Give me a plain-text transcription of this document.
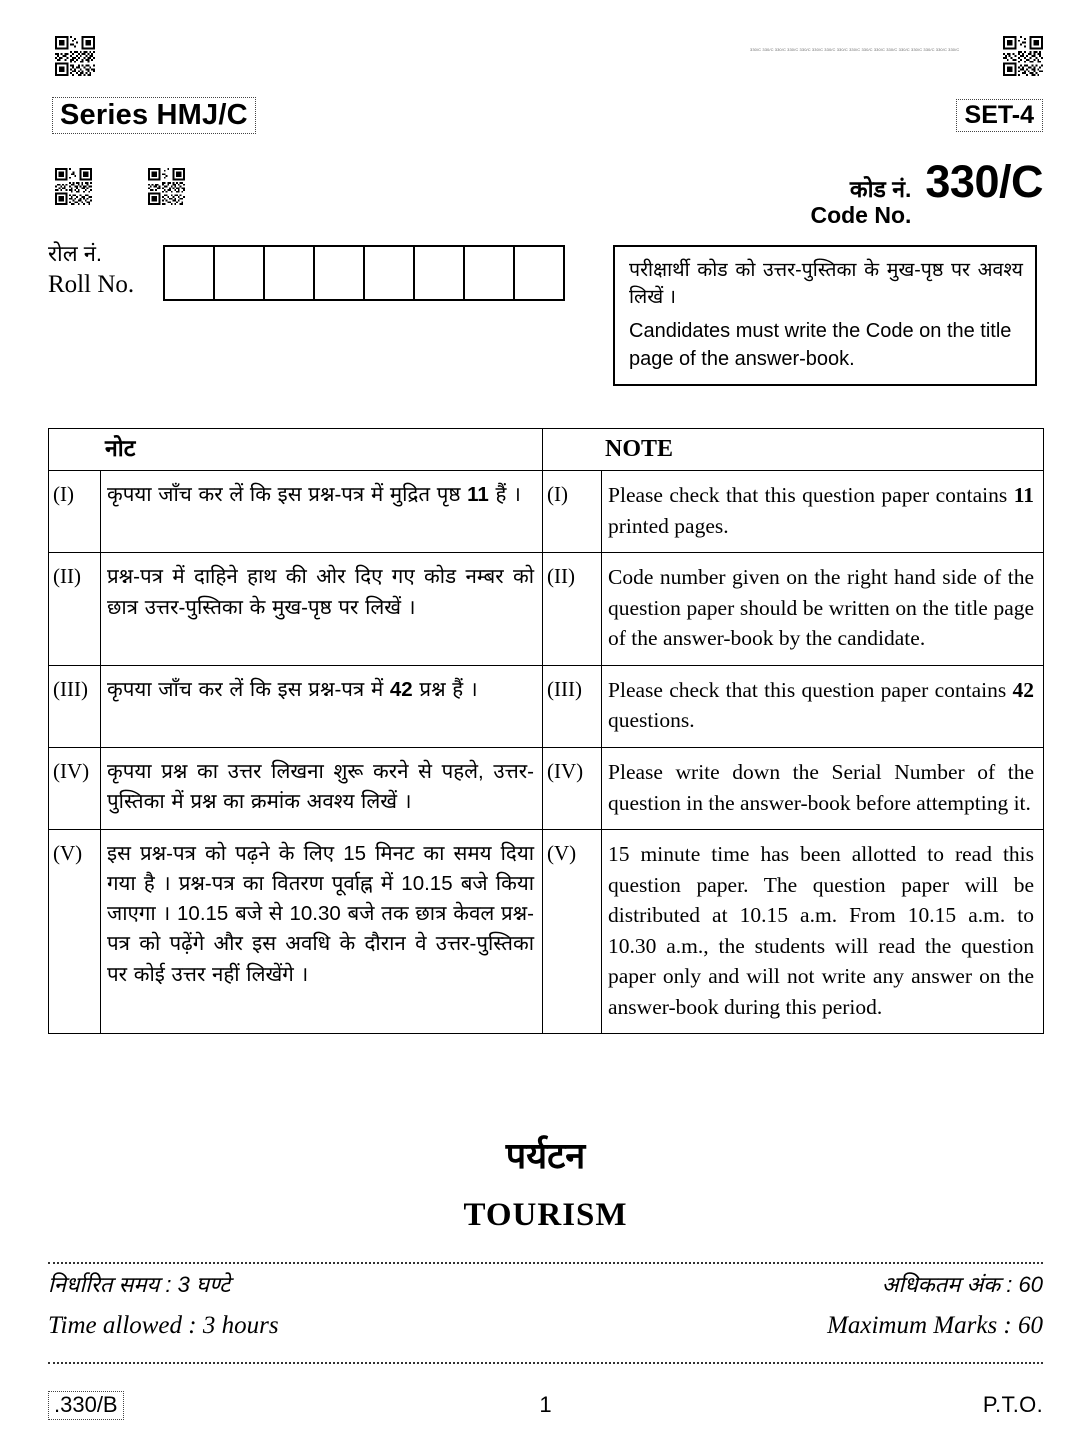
Series HMJ/C
330/C 330/C 330/C 330/C 330/C 330/C 330/C 330/C 330/C 330/C 330/C 330/C 330/C 330/C 330/C 330/C 330/C
SET-4
कोड नं.
Code No.
330/C
रोल नं.
Roll No.
परीक्षार्थी कोड को उत्तर-पुस्तिका के मुख-पृष्ठ पर अवश्य लिखें ।
Candidates must write the Code on the title page of the answer-book.
नोट		NOTE	
(I)	कृपया जाँच कर लें कि इस प्रश्न-पत्र में मुद्रित पृष्ठ 11 हैं ।	(I)	Please check that this question paper contains 11 printed pages.
(II)	प्रश्न-पत्र में दाहिने हाथ की ओर दिए गए कोड नम्बर को छात्र उत्तर-पुस्तिका के मुख-पृष्ठ पर लिखें ।	(II)	Code number given on the right hand side of the question paper should be written on the title page of the answer-book by the candidate.
(III)	कृपया जाँच कर लें कि इस प्रश्न-पत्र में 42 प्रश्न हैं ।	(III)	Please check that this question paper contains 42 questions.
(IV)	कृपया प्रश्न का उत्तर लिखना शुरू करने से पहले, उत्तर-पुस्तिका में प्रश्न का क्रमांक अवश्य लिखें ।	(IV)	Please write down the Serial Number of the question in the answer-book before attempting it.
(V)	इस प्रश्न-पत्र को पढ़ने के लिए 15 मिनट का समय दिया गया है । प्रश्न-पत्र का वितरण पूर्वाह्न में 10.15 बजे किया जाएगा । 10.15 बजे से 10.30 बजे तक छात्र केवल प्रश्न-पत्र को पढ़ेंगे और इस अवधि के दौरान वे उत्तर-पुस्तिका पर कोई उत्तर नहीं लिखेंगे ।	(V)	15 minute time has been allotted to read this question paper. The question paper will be distributed at 10.15 a.m. From 10.15 a.m. to 10.30 a.m., the students will read the question paper only and will not write any answer on the answer-book during this period.
पर्यटन
TOURISM
निर्धारित समय : 3 घण्टे	अधिकतम अंक : 60
Time allowed : 3 hours	Maximum Marks : 60
.330/B	1	P.T.O.
